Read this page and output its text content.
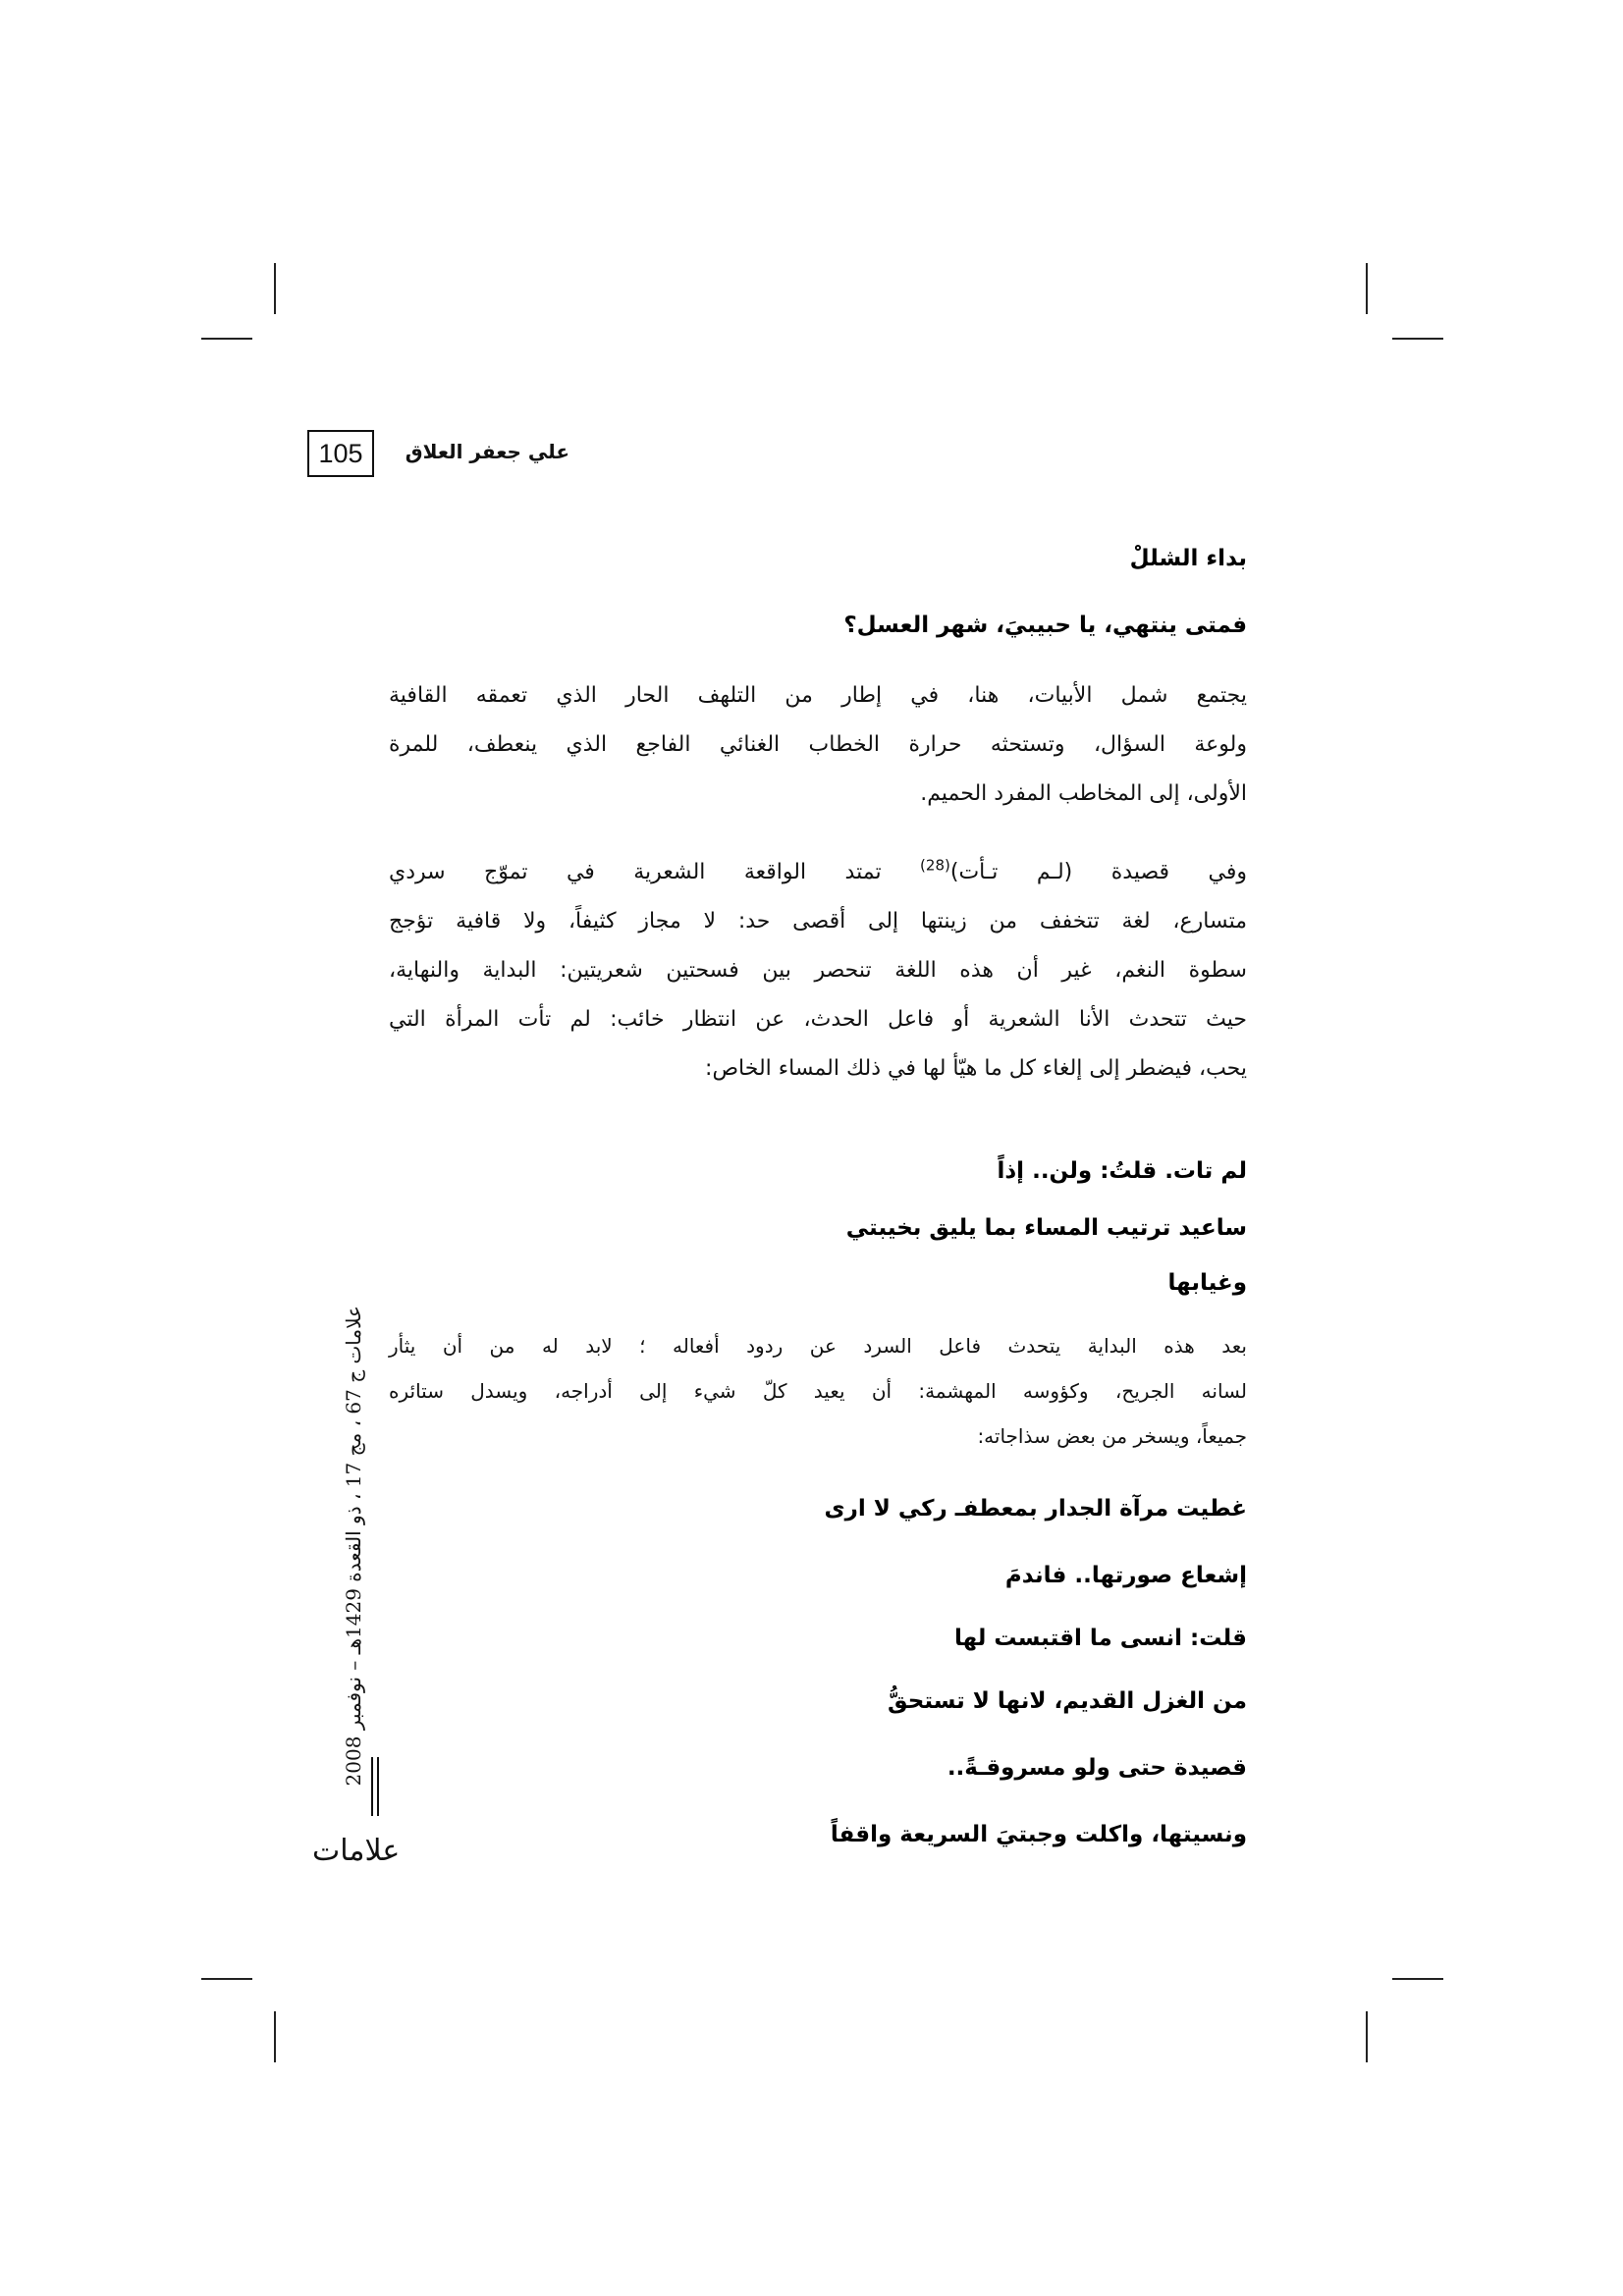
105 علي جعفر العلاق
بداء الشللْ
فمتى ينتهي، يا حبيبيَ، شهر العسل؟
يجتمع شمل الأبيات، هنا، في إطار من التلهف الحار الذي تعمقه القافية
ولوعة السؤال، وتستحثه حرارة الخطاب الغنائي الفاجع الذي ينعطف، للمرة
الأولى، إلى المخاطب المفرد الحميم.
وفي قصيدة (لـم تـأت)$^{(28)}$ تمتد الواقعة الشعرية في تموّج سردي
متسارع، لغة تتخفف من زينتها إلى أقصى حد: لا مجاز كثيفاً، ولا قافية تؤجج
سطوة النغم، غير أن هذه اللغة تنحصر بين فسحتين شعريتين: البداية والنهاية،
حيث تتحدث الأنا الشعرية أو فاعل الحدث، عن انتظار خائب: لم تأت المرأة التي
يحب، فيضطر إلى إلغاء كل ما هيّأ لها في ذلك المساء الخاص:
لم تات. قلتُ: ولن.. إذاً
ساعيد ترتيب المساء بما يليق بخيبتي
وغيابها
بعد هذه البداية يتحدث فاعل السرد عن ردود أفعاله ؛ لابد له من أن يثأر
لسانه الجريح، وكؤوسه المهشمة: أن يعيد كلّ شيء إلى أدراجه، ويسدل ستائره
جميعاً، ويسخر من بعض سذاجاته:
غطيت مرآة الجدار بمعطفـ ركي لا ارى
إشعاع صورتها.. فاندمَ
قلت: انسى ما اقتبست لها
من الغزل القديم، لانها لا تستحقُّ
قصيدة حتى ولو مسروقـةً..
ونسيتها، واكلت وجبتيَ السريعة واقفاً
علامات ج 67 ، مج 17 ، ذو القعدة 1429هـ – نوفمبر 2008
علامات
